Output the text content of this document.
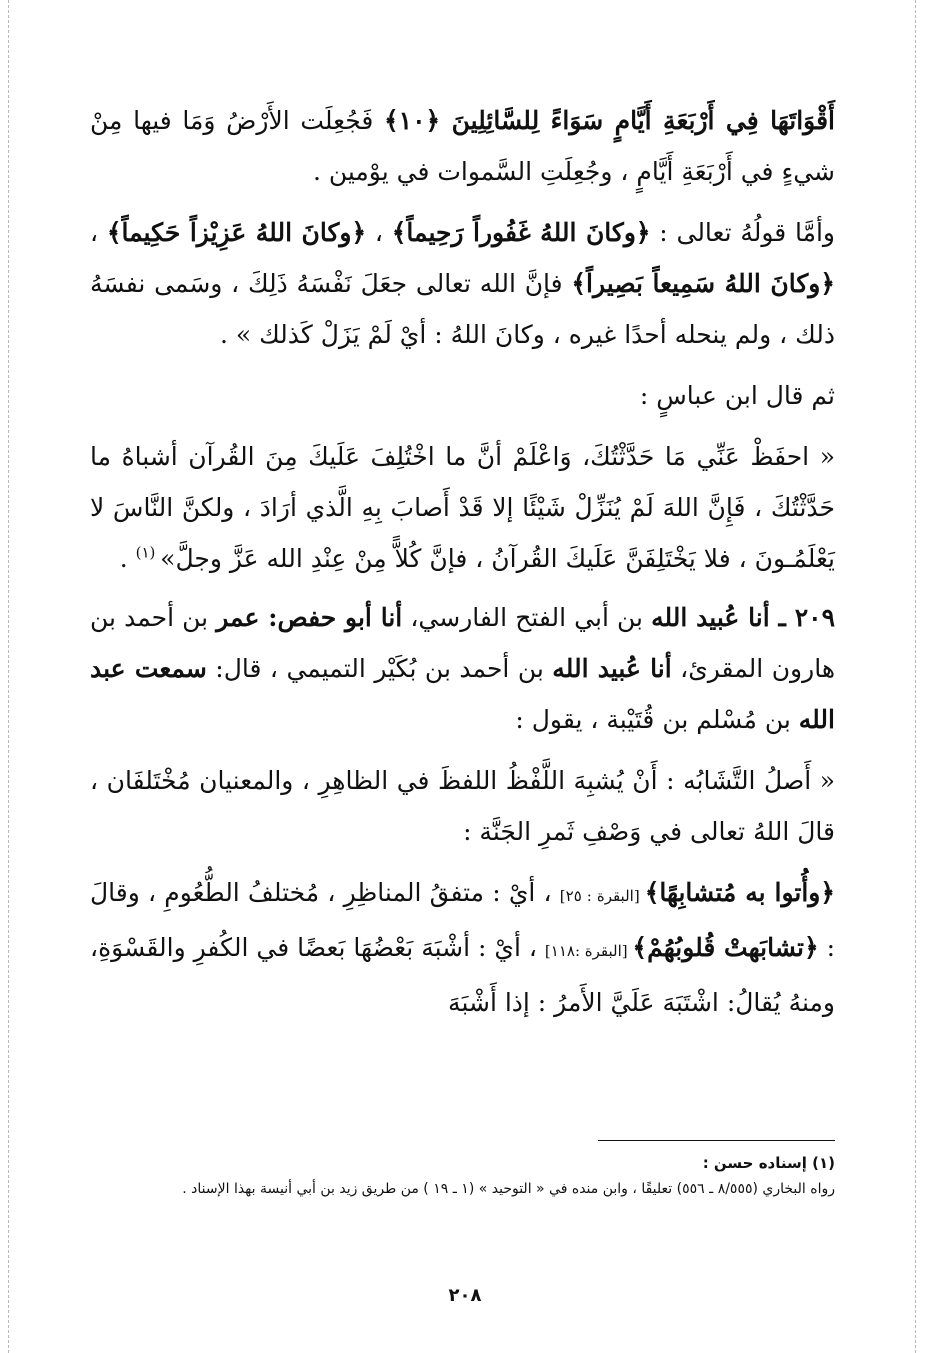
أَقْوَاتَهَا فِي أَرْبَعَةِ أَيَّامٍ سَوَاءً لِلسَّائِلِينَ ﴿١٠﴾ فَجُعِلَت الأَرْضُ وَمَا فيها مِنْ شيءٍ في أَرْبَعَةِ أَيَّامٍ ، وجُعِلَتِ السَّموات في يوْمين .

وأمَّا قولُهُ تعالى : ﴿وكانَ اللهُ غَفُوراً رَحِيماً﴾ ، ﴿وكانَ اللهُ عَزِيْزاً حَكِيماً﴾ ، ﴿وكانَ اللهُ سَمِيعاً بَصِيراً﴾ فإنَّ الله تعالى جعَلَ نَفْسَهُ ذَلِكَ ، وسَمى نفسَهُ ذلك ، ولم ينحله أحدًا غيره ، وكانَ اللهُ : أيْ لَمْ يَزَلْ كَذلك » .

ثم قال ابن عباسٍ :

« احفَظْ عَنِّي مَا حَدَّثْتُكَ، وَاعْلَمْ أنَّ ما اخْتُلِفَ عَلَيكَ مِنَ القُرآن أشباهُ ما حَدَّثْتُكَ ، فَإِنَّ اللهَ لَمْ يُنَزِّلْ شَيْئًا إلا قَدْ أَصابَ بِهِ الَّذي أرَادَ ، ولكنَّ النَّاسَ لا يَعْلَمُـونَ ، فلا يَخْتَلِفَنَّ عَلَيكَ القُرآنُ ، فإنَّ كُلاًّ مِنْ عِنْدِ الله عَزَّ وجلَّ» $^{(١)}$ .

٢٠٩ ـ أنا عُبيد الله بن أبي الفتح الفارسي، أنا أبو حفص: عمر بن أحمد بن هارون المقرئ، أنا عُبيد الله بن أحمد بن بُكَيْر التميمي ، قال: سمعت عبد الله بن مُسْلم بن قُتَيْبة ، يقول :

« أَصلُ التَّشَابُه : أَنْ يُشبِهَ اللَّفْظُ اللفظَ في الظاهِرِ ، والمعنيان مُخْتَلفَان ، قالَ اللهُ تعالى في وَصْفِ ثَمرِ الجَنَّة :

﴿وأُتوا به مُتشابِهًا﴾ [البقرة : ٢٥] ، أيْ : متفقُ المناظِرِ ، مُختلفُ الطُّعُومِ ، وقالَ : ﴿تشابَهتْ قُلوبُهُمْ﴾ [البقرة :١١٨] ، أيْ : أشْبَهَ بَعْضُهَا بَعضًا في الكُفرِ والقَسْوَةِ، ومنهُ يُقالُ: اشْتَبَهَ عَلَيَّ الأَمرُ : إذا أَشْبَهَ

(١) إسناده حسن :

رواه البخاري (٨/٥٥٥ ـ ٥٥٦) تعليقًا ، وابن منده في « التوحيد » (١ ـ ١٩ ) من طريق زيد بن أبي أنيسة بهذا الإسناد .

٢٠٨
